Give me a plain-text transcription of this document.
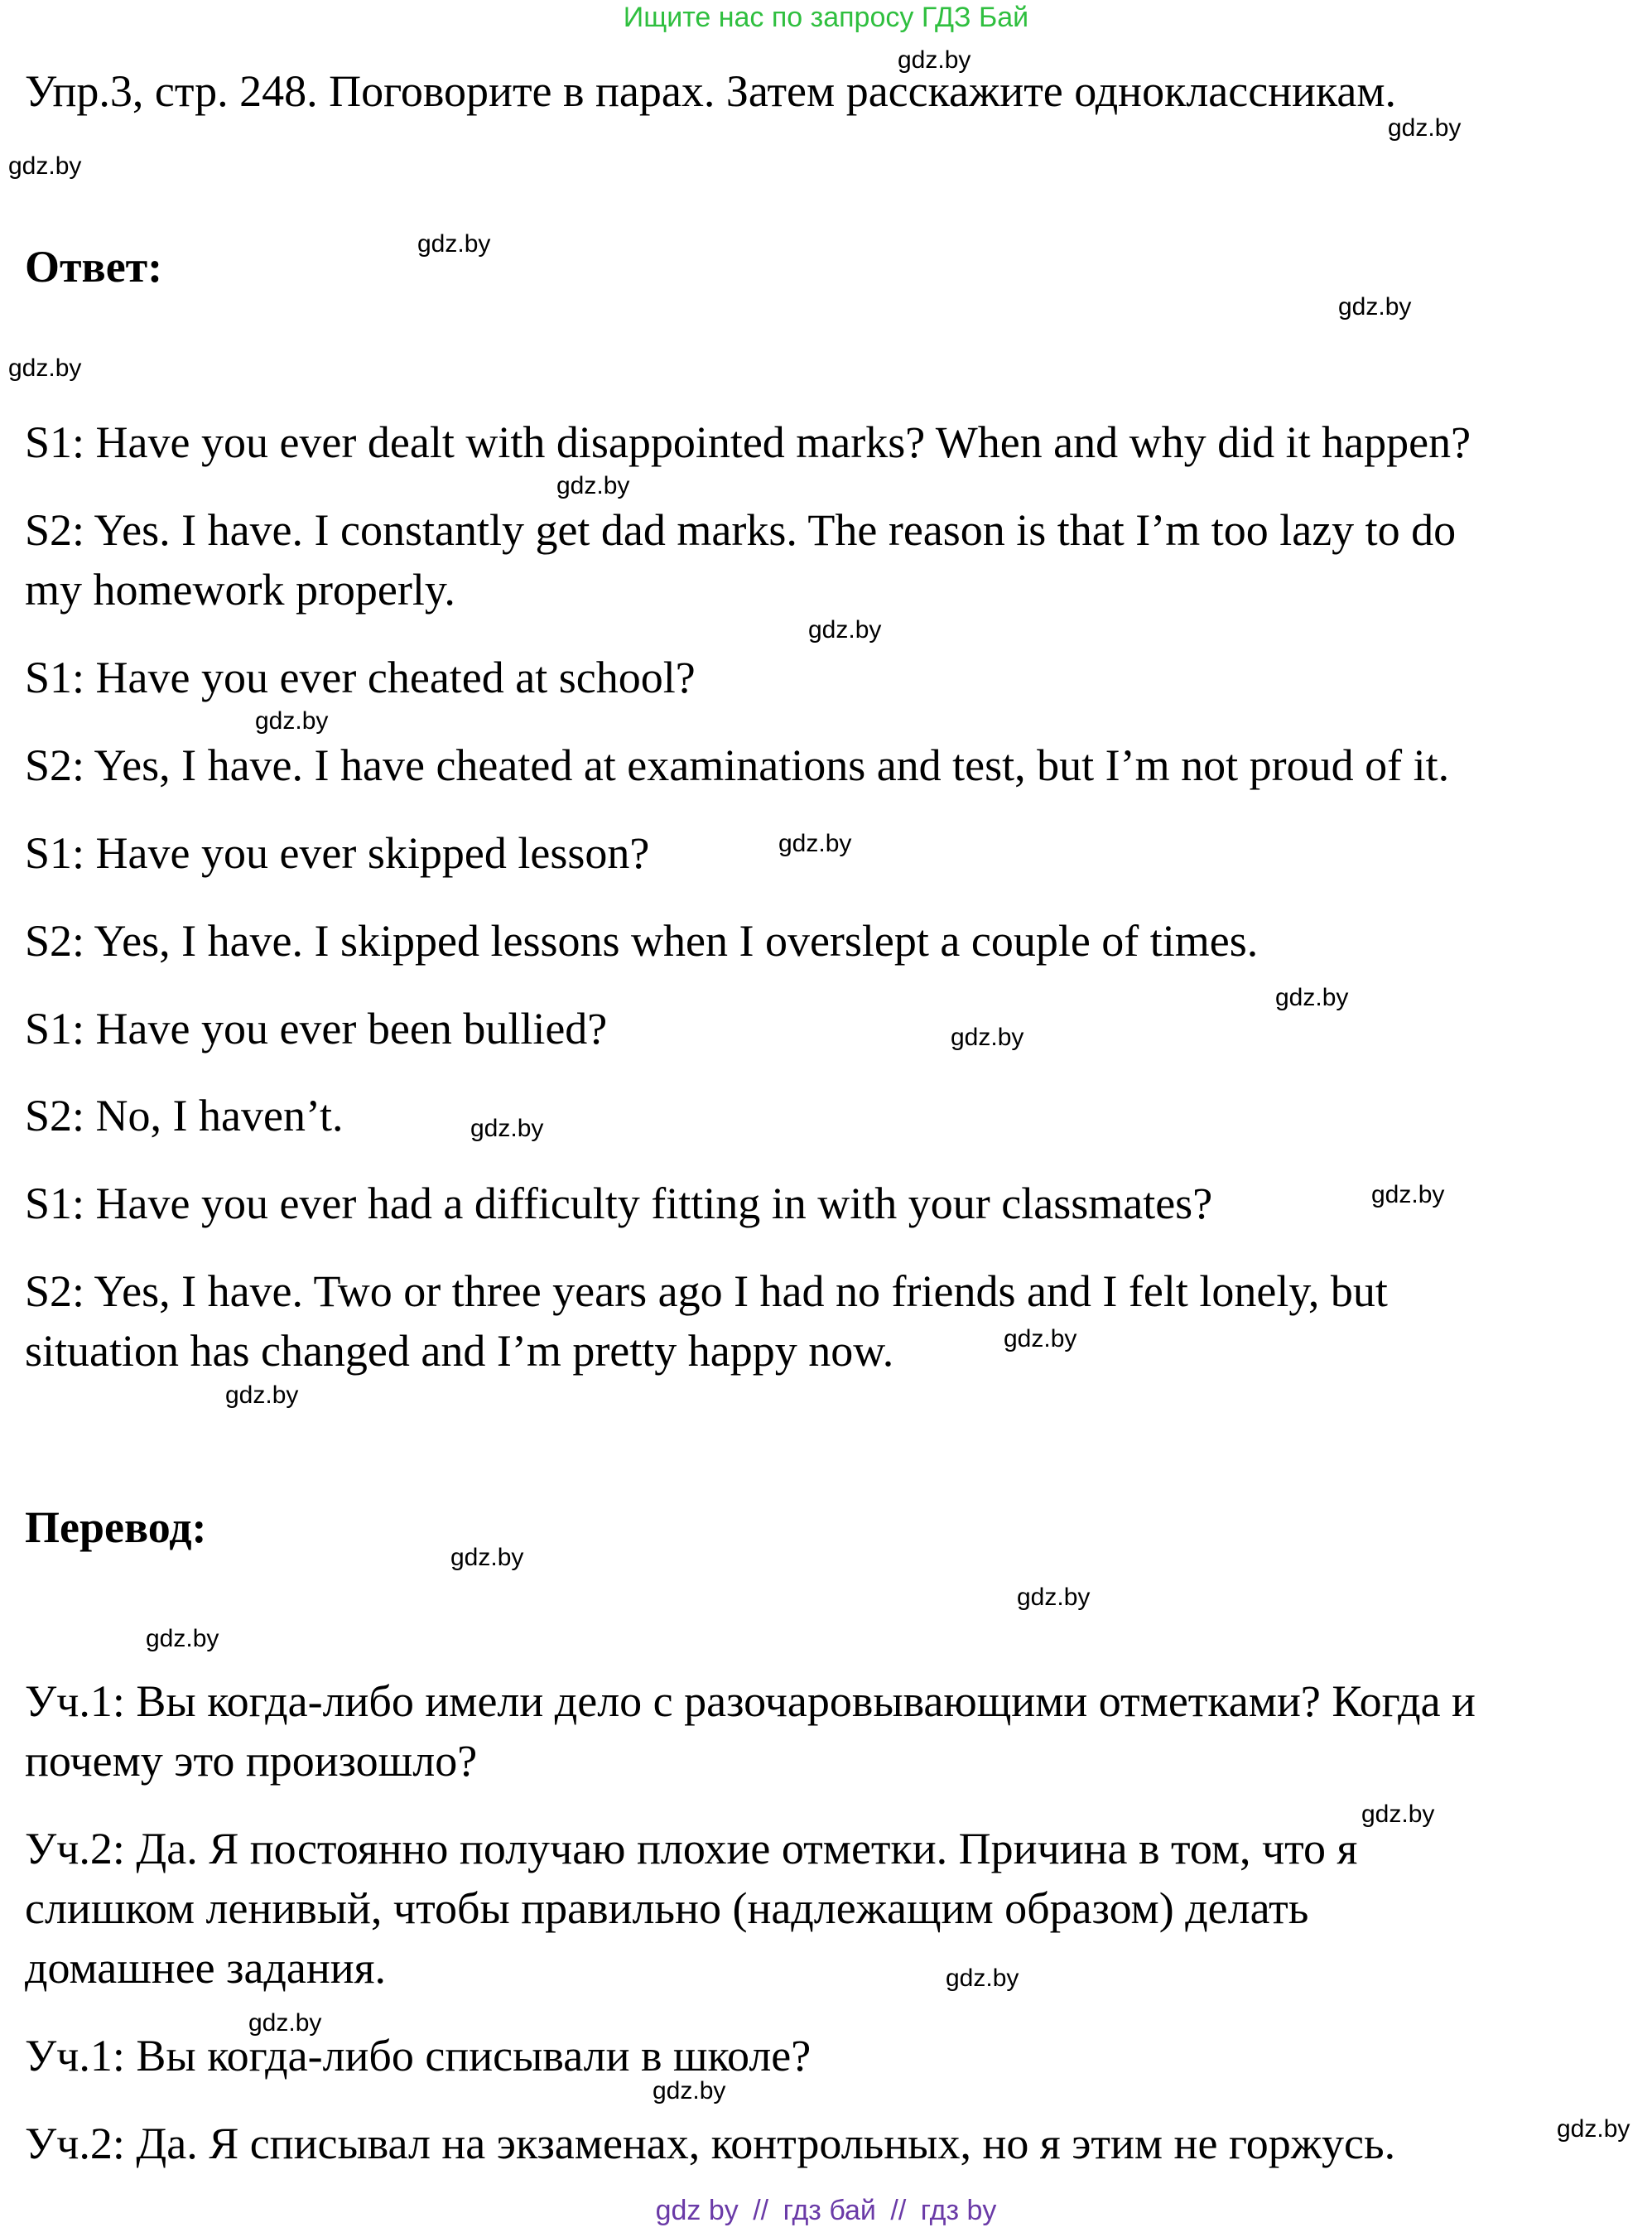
Ищите нас по запросу ГДЗ Бай
Упр.3, стр. 248. Поговорите в парах. Затем расскажите одноклассникам.
Ответ:
S1: Have you ever dealt with disappointed marks? When and why did it happen?
S2: Yes. I have. I constantly get dad marks. The reason is that I’m too lazy to do
my homework properly.
S1: Have you ever cheated at school?
S2: Yes, I have. I have cheated at examinations and test, but I’m not proud of it.
S1: Have you ever skipped lesson?
S2: Yes, I have. I skipped lessons when I overslept a couple of times.
S1: Have you ever been bullied?
S2: No, I haven’t.
S1: Have you ever had a difficulty fitting in with your classmates?
S2: Yes, I have. Two or three years ago I had no friends and I felt lonely, but
situation has changed and I’m pretty happy now.
Перевод:
Уч.1: Вы когда-либо имели дело с разочаровывающими отметками? Когда и
почему это произошло?
Уч.2: Да. Я постоянно получаю плохие отметки. Причина в том, что я
слишком ленивый, чтобы правильно (надлежащим образом) делать
домашнее задания.
Уч.1: Вы когда-либо списывали в школе?
Уч.2: Да. Я списывал на экзаменах, контрольных, но я этим не горжусь.
gdz.by
gdz.by
gdz.by
gdz.by
gdz.by
gdz.by
gdz.by
gdz.by
gdz.by
gdz.by
gdz.by
gdz.by
gdz.by
gdz.by
gdz.by
gdz.by
gdz.by
gdz.by
gdz.by
gdz.by
gdz.by
gdz.by
gdz.by
gdz.by
gdz by // гдз бай // гдз by
